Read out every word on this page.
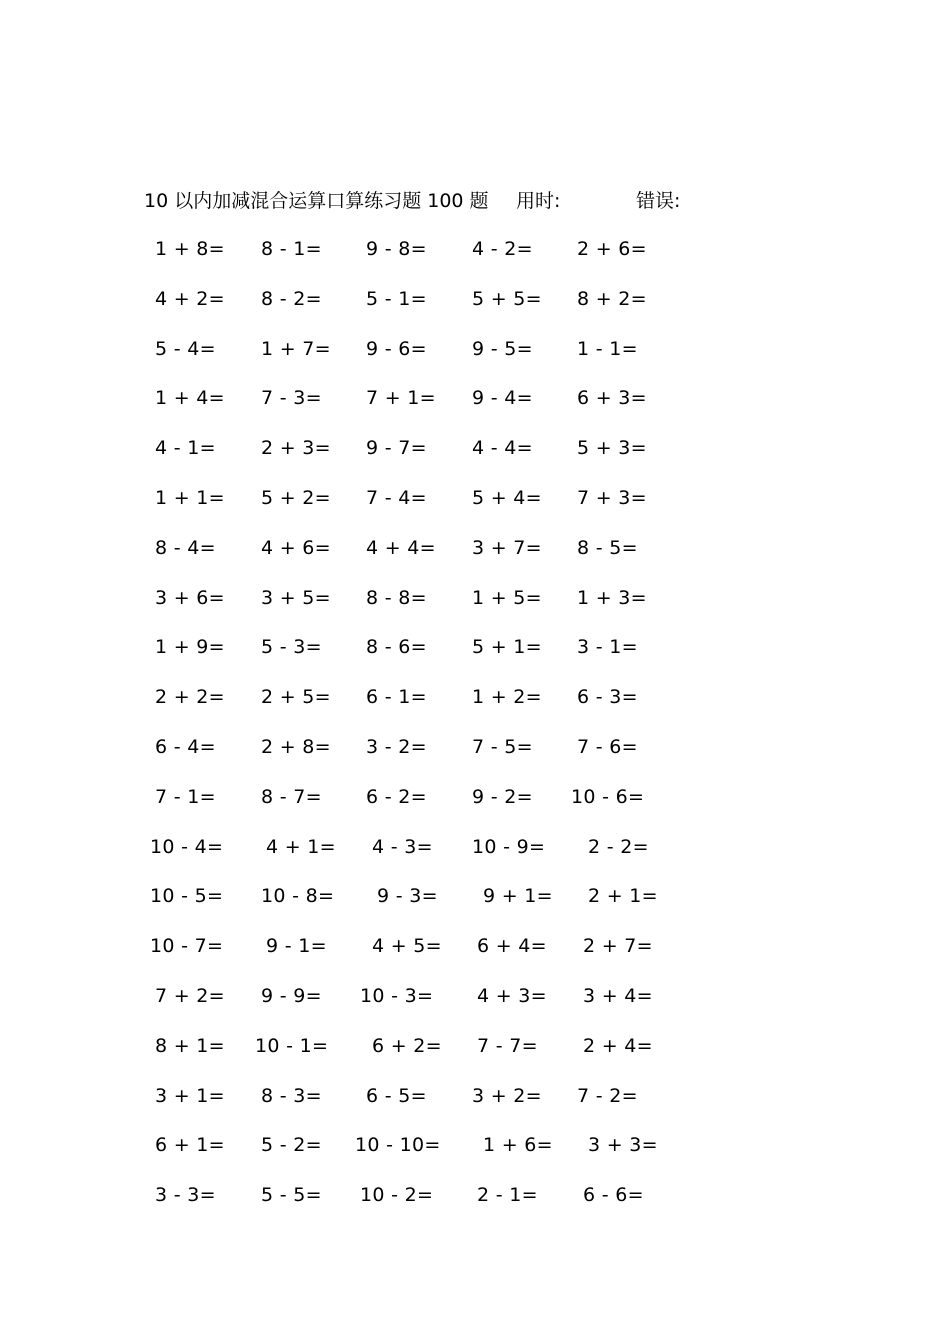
10 以内加减混合运算口算练习题 100 题 用时:	错误:
1 + 8= 8 - 1= 9 - 8= 4 - 2= 2 + 6=
4 + 2= 8 - 2= 5 - 1= 5 + 5= 8 + 2=
5 - 4= 1 + 7= 9 - 6= 9 - 5= 1 - 1=
1 + 4= 7 - 3= 7 + 1= 9 - 4= 6 + 3=
4 - 1= 2 + 3= 9 - 7= 4 - 4= 5 + 3=
1 + 1= 5 + 2= 7 - 4= 5 + 4= 7 + 3=
8 - 4= 4 + 6= 4 + 4= 3 + 7= 8 - 5=
3 + 6= 3 + 5= 8 - 8= 1 + 5= 1 + 3=
1 + 9= 5 - 3= 8 - 6= 5 + 1= 3 - 1=
2 + 2= 2 + 5= 6 - 1= 1 + 2= 6 - 3=
6 - 4= 2 + 8= 3 - 2= 7 - 5= 7 - 6=
7 - 1= 8 - 7= 6 - 2= 9 - 2= 10 - 6=
10 - 4= 4 + 1= 4 - 3= 10 - 9= 2 - 2=
10 - 5= 10 - 8= 9 - 3= 9 + 1= 2 + 1=
10 - 7= 9 - 1= 4 + 5= 6 + 4= 2 + 7=
7 + 2= 9 - 9= 10 - 3= 4 + 3= 3 + 4=
8 + 1= 10 - 1= 6 + 2= 7 - 7= 2 + 4=
3 + 1= 8 - 3= 6 - 5= 3 + 2= 7 - 2=
6 + 1= 5 - 2= 10 - 10= 1 + 6= 3 + 3=
3 - 3= 5 - 5= 10 - 2= 2 - 1= 6 - 6=
